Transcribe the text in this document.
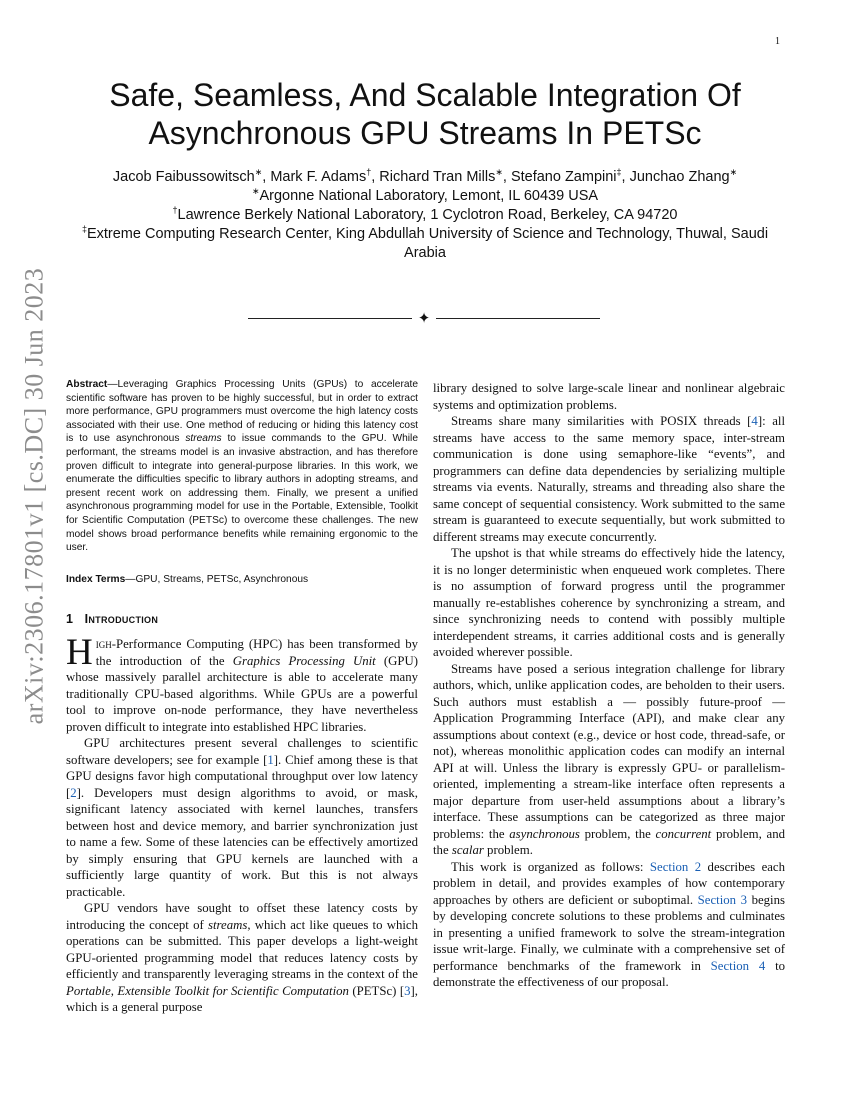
1
arXiv:2306.17801v1 [cs.DC] 30 Jun 2023
Safe, Seamless, And Scalable Integration Of
Asynchronous GPU Streams In PETSc
Jacob Faibussowitsch∗, Mark F. Adams†, Richard Tran Mills∗, Stefano Zampini‡, Junchao Zhang∗
∗Argonne National Laboratory, Lemont, IL 60439 USA
†Lawrence Berkely National Laboratory, 1 Cyclotron Road, Berkeley, CA 94720
‡Extreme Computing Research Center, King Abdullah University of Science and Technology, Thuwal, Saudi Arabia
✦

Abstract—Leveraging Graphics Processing Units (GPUs) to accelerate scientific software has proven to be highly successful, but in order to extract more performance, GPU programmers must overcome the high latency costs associated with their use. One method of reducing or hiding this latency cost is to use asynchronous streams to issue commands to the GPU. While performant, the streams model is an invasive abstraction, and has therefore proven difficult to integrate into general-purpose libraries. In this work, we enumerate the difficulties specific to library authors in adopting streams, and present recent work on addressing them. Finally, we present a unified asynchronous programming model for use in the Portable, Extensible, Toolkit for Scientific Computation (PETSc) to overcome these challenges. The new model shows broad performance benefits while remaining ergonomic to the user.

Index Terms—GPU, Streams, PETSc, Asynchronous

1 Introduction

High-Performance Computing (HPC) has been transformed by the introduction of the Graphics Processing Unit (GPU) whose massively parallel architecture is able to accelerate many traditionally CPU-based algorithms. While GPUs are a powerful tool to improve on-node performance, they have nevertheless proven difficult to integrate into established HPC libraries.

GPU architectures present several challenges to scientific software developers; see for example [1]. Chief among these is that GPU designs favor high computational throughput over low latency [2]. Developers must design algorithms to avoid, or mask, significant latency associated with kernel launches, transfers between host and device memory, and barrier synchronization just to name a few. Some of these latencies can be effectively amortized by simply ensuring that GPU kernels are launched with a sufficiently large quantity of work. But this is not always practicable.

GPU vendors have sought to offset these latency costs by introducing the concept of streams, which act like queues to which operations can be submitted. This paper develops a light-weight GPU-oriented programming model that reduces latency costs by efficiently and transparently leveraging streams in the context of the Portable, Extensible Toolkit for Scientific Computation (PETSc) [3], which is a general purpose

library designed to solve large-scale linear and nonlinear algebraic systems and optimization problems.

Streams share many similarities with POSIX threads [4]: all streams have access to the same memory space, inter-stream communication is done using semaphore-like “events”, and programmers can define data dependencies by serializing multiple streams via events. Naturally, streams and threading also share the same concept of sequential consistency. Work submitted to the same stream is guaranteed to execute sequentially, but work submitted to different streams may execute concurrently.

The upshot is that while streams do effectively hide the latency, it is no longer deterministic when enqueued work completes. There is no assumption of forward progress until the programmer manually re-establishes coherence by synchronizing a stream, and since synchronizing needs to contend with possibly multiple interdependent streams, it carries additional costs and is generally avoided wherever possible.

Streams have posed a serious integration challenge for library authors, which, unlike application codes, are beholden to their users. Such authors must establish a — possibly future-proof — Application Programming Interface (API), and make clear any assumptions about context (e.g., device or host code, thread-safe, or not), whereas monolithic application codes can modify an internal API at will. Unless the library is expressly GPU- or parallelism-oriented, implementing a stream-like interface often represents a major departure from user-held assumptions about a library’s interface. These assumptions can be categorized as three major problems: the asynchronous problem, the concurrent problem, and the scalar problem.

This work is organized as follows: Section 2 describes each problem in detail, and provides examples of how contemporary approaches by others are deficient or suboptimal. Section 3 begins by developing concrete solutions to these problems and culminates in presenting a unified framework to solve the stream-integration issue writ-large. Finally, we culminate with a comprehensive set of performance benchmarks of the framework in Section 4 to demonstrate the effectiveness of our proposal.
